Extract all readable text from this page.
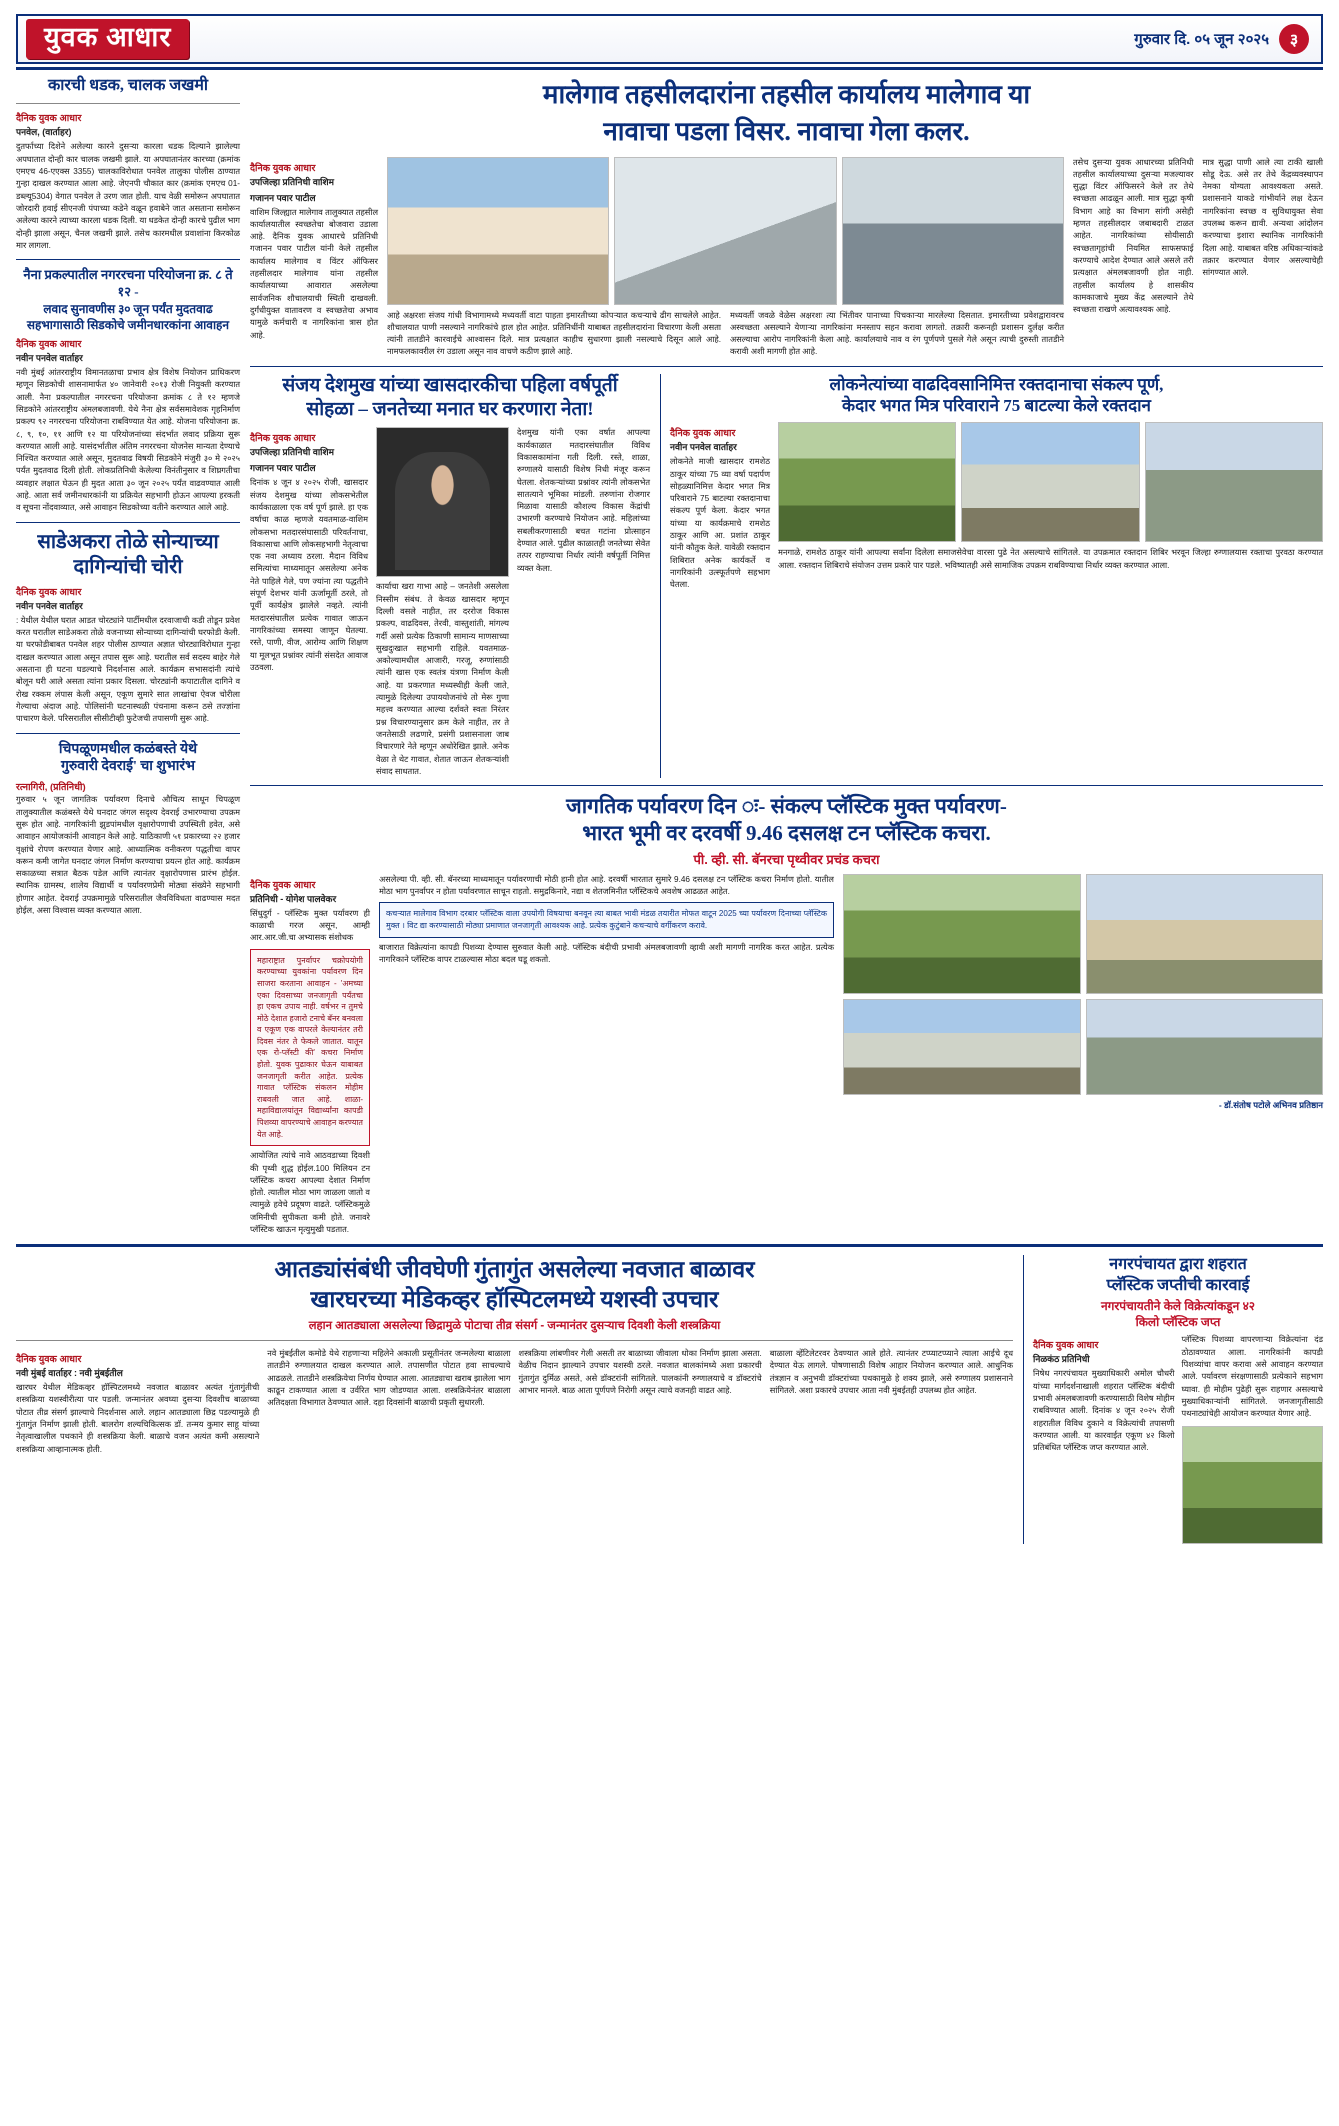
युवक आधार	गुरुवार दि. ०५ जून २०२५	३
कारची धडक, चालक जखमी
दैनिक युवक आधार
पनवेल, (वार्ताहर)
दुतर्फाच्या दिशेने अलेल्या कारने दुसऱ्या कारला धडक दिल्याने झालेल्या अपघातात दोन्ही कार चालक जखमी झाले. या अपघातानंतर कारच्या (क्रमांक एमएच 46-एएक्स 3355) चालकाविरोधात पनवेल तालुका पोलीस ठाण्यात गुन्हा दाखल करण्यात आला आहे. जेएनपी चाैकात कार (क्रमांक एमएच 01-डब्ल्यू5304) वेगात पनवेल ते उरण जात होती. याच वेळी समोरून अपघातात जोरदारी हवाई सीएनजी पंपाच्या कडेने वळून हवाबेने जात असताना समोरून अलेल्या कारने त्याच्या कारला धडक दिली. या धडकेत दोन्ही कारचे पुढील भाग दोन्ही झाला असून, चैनल जखमी झाले. तसेच कारमधील प्रवाशांना किरकोळ मार लागला.
नैना प्रकल्पातील नगररचना परियोजना क्र. ८ ते १२ -
लवाद सुनावणीस ३० जून पर्यंत मुदतवाढ सहभागासाठी सिडकोचे जमीनधारकांना आवाहन
दैनिक युवक आधार
नवीन पनवेल वार्ताहर
नवी मुंबई आंतरराष्ट्रीय विमानतळाचा प्रभाव क्षेत्र विशेष नियोजन प्राधिकरण म्हणून सिडकोची शासनामार्फत ४० जानेवारी २०१३ रोजी नियुक्ती करण्यात आली. नैना प्रकल्पातील नगररचना परियोजना क्रमांक ८ ते १२ म्हणजे सिडकोने आंतरराष्ट्रीय अंमलबजावणी. येथे नैना क्षेत्र सर्वसमावेशक गृहनिर्माण प्रकल्प ९२ नगररचना परियोजना राबविण्यात येत आहे. योजना परियोजना क्र. ८, ९, १०, ११ आणि १२ या परियोजनांच्या संदर्भात लवाद प्रक्रिया सुरू करण्यात आली आहे. यासंदर्भातील अंतिम नगररचना योजनेस मान्यता देण्याचे निश्चित करण्यात आले असून, मुदतवाढ विषयी सिडकोने मंजुरी ३० मे २०२५ पर्यंत मुदतवाढ दिली होती. लोकप्रतिनिधी केलेल्या विनंतीनुसार व शिघ्रगतीचा व्यवहार लक्षात घेऊन ही मुदत आता ३० जून २०२५ पर्यंत वाढवण्यात आली आहे. आता सर्व जमीनधारकांनी या प्रक्रियेत सहभागी होऊन आपल्या हरकती व सूचना नोंदवाव्यात, असे आवाहन सिडकोच्या वतीने करण्यात आले आहे.
साडेअकरा तोळे सोन्याच्या दागिन्यांची चोरी
दैनिक युवक आधार
नवीन पनवेल वार्ताहर
: येथील येथील घरात आडत चोरट्यांने पार्टीमधील दरवाजाची कडी तोडून प्रवेश करत घरातील साडेअकरा तोळे वजनाच्या सोन्याच्या दागिन्यांची घरफोडी केली. या घरफोडीबाबत पनवेल शहर पोलीस ठाण्यात अज्ञात चोरट्याविरोधात गुन्हा दाखल करण्यात आला असून तपास सुरू आहे. घरातील सर्व सदस्य बाहेर गेले असताना ही घटना घडल्याचे निदर्शनास आले. कार्यक्रम सभासदांनी त्यांचे बोलून घरी आले असता त्यांना प्रकार दिसला. चोरट्यांनी कपाटातील दागिने व रोख रक्कम लंपास केली असून, एकूण सुमारे सात लाखांचा ऐवज चोरीला गेल्याचा अंदाज आहे. पोलिसांनी घटनास्थळी पंचनामा करून ठसे तज्ज्ञांना पाचारण केले. परिसरातील सीसीटीव्ही फुटेजची तपासणी सुरू आहे.
चिपळूणमधील कळंबस्ते येथे
गुरुवारी देवराई' चा शुभारंभ
रत्नागिरी, (प्रतिनिधी)
गुरुवार ५ जून जागतिक पर्यावरण दिनाचे औचित्य साधून चिपळूण तालुक्यातील कळंबस्ते येथे घनदाट जंगल सदृश्य देवराई उभारण्याचा उपक्रम सुरू होत आहे. नागरिकांनी झुडपांमधील वृक्षारोपणाची उपस्थिती हवेत, असे आवाहन आयोजकांनी आवाहन केले आहे. याठिकाणी ५१ प्रकारच्या २२ हजार वृक्षांचे रोपण करण्यात येणार आहे. आध्यात्मिक वनीकरण पद्धतीचा वापर करून कमी जागेत घनदाट जंगल निर्माण करण्याचा प्रयत्न होत आहे. कार्यक्रम सकाळच्या सत्रात बैठक पडेल आणि त्यानंतर वृक्षारोपणास प्रारंभ होईल. स्थानिक ग्रामस्थ, शालेय विद्यार्थी व पर्यावरणप्रेमी मोठ्या संख्येने सहभागी होणार आहेत. देवराई उपक्रमामुळे परिसरातील जैवविविधता वाढण्यास मदत होईल, असा विश्वास व्यक्त करण्यात आला.
मालेगाव तहसीलदारांना तहसील कार्यालय मालेगाव या
नावाचा पडला विसर. नावाचा गेला कलर.
दैनिक युवक आधार
उपजिल्हा प्रतिनिधी वाशिम
गजानन पवार पाटील
वाशिम जिल्ह्यात मालेगाव तालुक्यात तहसील कार्यालयातील स्वच्छतेचा बोजवारा उडाला आहे. दैनिक युवक आधारचे प्रतिनिधी गजानन पवार पाटील यांनी केले तहसील कार्यालय मालेगाव व विंटर ऑफिसर तहसीलदार मालेगाव यांना तहसील कार्यालयाच्या आवारात असलेल्या सार्वजनिक शौचालयाची स्थिती दाखवली. दुर्गंधीयुक्त वातावरण व स्वच्छतेचा अभाव यामुळे कर्मचारी व नागरिकांना त्रास होत आहे.
आहे अक्षरशः संजय गांधी विभागामध्ये मध्यवर्ती वाटा पाहता इमारतीच्या कोपऱ्यात कचऱ्याचे ढीग साचलेले आहेत. शौचालयात पाणी नसल्याने नागरिकांचे हाल होत आहेत. प्रतिनिधींनी याबाबत तहसीलदारांना विचारणा केली असता त्यांनी तातडीने कारवाईचे आश्वासन दिले. मात्र प्रत्यक्षात काहीच सुधारणा झाली नसल्याचे दिसून आले आहे. नामफलकावरील रंग उडाला असून नाव वाचणे कठीण झाले आहे.
मध्यवर्ती जवळे वेळेस अक्षरशः त्या भिंतीवर पानाच्या पिचकाऱ्या मारलेल्या दिसतात. इमारतीच्या प्रवेशद्वारावरच अस्वच्छता असल्याने येणाऱ्या नागरिकांना मनस्ताप सहन करावा लागतो. तक्रारी करूनही प्रशासन दुर्लक्ष करीत असल्याचा आरोप नागरिकांनी केला आहे. कार्यालयाचे नाव व रंग पूर्णपणे पुसले गेले असून त्याची दुरुस्ती तातडीने करावी अशी मागणी होत आहे.
तसेच दुसऱ्या युवक आधारच्या प्रतिनिधी तहसील कार्यालयाच्या दुसऱ्या मजल्यावर सुद्धा विंटर ऑफिसरने केले तर तेथे स्वच्छता आढळून आली. मात्र सुद्धा कृषी विभाग आहे का विभाग सांगी असेही म्हणत तहसीलदार जबाबदारी टाळत आहेत. नागरिकांच्या सोयीसाठी स्वच्छतागृहांची नियमित साफसफाई करण्याचे आदेश देण्यात आले असले तरी प्रत्यक्षात अंमलबजावणी होत नाही. तहसील कार्यालय हे शासकीय कामकाजाचे मुख्य केंद्र असल्याने तेथे स्वच्छता राखणे अत्यावश्यक आहे.
मात्र सुद्धा पाणी आले त्या टाकी खाली सोडू देऊ. असे तर तेथे केंद्रव्यवस्थापन नेमका योग्यता आवश्यकता असते. प्रशासनाने याकडे गांभीर्याने लक्ष देऊन नागरिकांना स्वच्छ व सुविधायुक्त सेवा उपलब्ध करून द्यावी. अन्यथा आंदोलन करण्याचा इशारा स्थानिक नागरिकांनी दिला आहे. याबाबत वरिष्ठ अधिकाऱ्यांकडे तक्रार करण्यात येणार असल्याचेही सांगण्यात आले.
संजय देशमुख यांच्या खासदारकीचा पहिला वर्षपूर्ती
सोहळा – जनतेच्या मनात घर करणारा नेता!
दैनिक युवक आधार
उपजिल्हा प्रतिनिधी वाशिम
गजानन पवार पाटील
दिनांक ४ जून ४ २०२५ रोजी, खासदार संजय देशमुख यांच्या लोकसभेतील कार्यकाळाला एक वर्ष पूर्ण झाले. हा एक वर्षाचा काळ म्हणजे यवतमाळ-वाशिम लोकसभा मतदारसंघासाठी परिवर्तनाचा, विकासाचा आणि लोकसहभागी नेतृत्वाचा एक नवा अध्याय ठरला. मैदान विविध समित्यांचा माध्यमातून असलेल्या अनेक नेते पाहिले गेले, पण ज्यांना त्या पद्धतीने संपूर्ण देशभर यांनी ऊर्जामूर्ती ठरले, तो पूर्वी कार्यक्षेत्र झालेले नव्हते. त्यांनी मतदारसंघातील प्रत्येक गावात जाऊन नागरिकांच्या समस्या जाणून घेतल्या. रस्ते, पाणी, वीज, आरोग्य आणि शिक्षण या मूलभूत प्रश्नांवर त्यांनी संसदेत आवाज उठवला.
कार्याचा खरा गाभा आहे – जनतेशी असलेला निस्सीम संबंध. ते केवळ खासदार म्हणून दिल्ली वसले नाहीत, तर दररोज विकास प्रकल्प, वाढदिवस, तेरवी, वास्तुशांती, मांगल्य गर्दी असो प्रत्येक ठिकाणी सामान्य माणसाच्या सुखदुःखात सहभागी राहिले. यवतमाळ-अकोल्यामधील आजारी, गरजू, रुग्णांसाठी त्यांनी खास एक स्वतंत्र यंत्रणा निर्माण केली आहे. या प्रकरणात मध्यस्थीही केली जाते, त्यामुळे दिलेल्या उपाययोजनांचे तो मेरू गुणा महत्त्व करण्यात आल्या दर्शवते स्वतः निरंतर प्रश्न विचारण्यानुसार क्रम केले नाहीत, तर ते जनतेसाठी लढणारे, प्रसंगी प्रशासनाला जाब विचारणारे नेते म्हणून अधोरेखित झाले. अनेक वेळा ते थेट गावात, शेतात जाऊन शेतकऱ्यांशी संवाद साधतात.
देशमुख यांनी एका वर्षात आपल्या कार्यकाळात मतदारसंघातील विविध विकासकामांना गती दिली. रस्ते, शाळा, रुग्णालये यासाठी विशेष निधी मंजूर करून घेतला. शेतकऱ्यांच्या प्रश्नांवर त्यांनी लोकसभेत सातत्याने भूमिका मांडली. तरुणांना रोजगार मिळावा यासाठी कौशल्य विकास केंद्रांची उभारणी करण्याचे नियोजन आहे. महिलांच्या सबलीकरणासाठी बचत गटांना प्रोत्साहन देण्यात आले. पुढील काळातही जनतेच्या सेवेत तत्पर राहण्याचा निर्धार त्यांनी वर्षपूर्ती निमित्त व्यक्त केला.
लोकनेत्यांच्या वाढदिवसानिमित्त रक्तदानाचा संकल्प पूर्ण,
केदार भगत मित्र परिवाराने 75 बाटल्या केले रक्तदान
दैनिक युवक आधार
नवीन पनवेल वार्ताहर
लोकनेते माजी खासदार रामशेठ ठाकूर यांच्या 75 व्या वर्षा पदार्पण सोहळ्यानिमित्त केदार भगत मित्र परिवाराने 75 बाटल्या रक्तदानाचा संकल्प पूर्ण केला. केदार भगत यांच्या या कार्यक्रमाचे रामशेठ ठाकूर आणि आ. प्रशांत ठाकूर यांनी कौतुक केले. यावेळी रक्तदान शिबिरात अनेक कार्यकर्ते व नागरिकांनी उत्स्फूर्तपणे सहभाग घेतला.
मनगाळे, रामशेठ ठाकूर यांनी आपल्या सर्वांना दिलेला समाजसेवेचा वारसा पुढे नेत असल्याचे सांगितले. या उपक्रमात रक्तदान शिबिर भरवून जिल्हा रुग्णालयास रक्ताचा पुरवठा करण्यात आला. रक्तदान शिबिराचे संयोजन उत्तम प्रकारे पार पडले. भविष्यातही असे सामाजिक उपक्रम राबविण्याचा निर्धार व्यक्त करण्यात आला.
जागतिक पर्यावरण दिन ः- संकल्प प्लॅस्टिक मुक्त पर्यावरण-
भारत भूमी वर दरवर्षी 9.46 दसलक्ष टन प्लॅस्टिक कचरा.
पी. व्ही. सी. बॅनरचा पृथ्वीवर प्रचंड कचरा
दैनिक युवक आधार
प्रतिनिधी - योगेश पालवेकर
सिंधुदुर्ग - प्लॅस्टिक मुक्त पर्यावरण ही काळाची गरज असून, आम्ही आर.आर.जी.चा अभ्यासक संशोधक
महाराष्ट्रात पुनर्वापर चक्रोपयोगी करण्याच्या युवकांना पर्यावरण दिन साजरा करताना आवाहन - 'अमच्या एका दिवसाच्या जनजागृती पर्यंतचा हा एकच उपाय नाही. वर्षभर न तुमचे मोठे देशात हजारो टनाचे बॅनर बनवला व एकूण एक वापरले केल्यानंतर तरी दिवस नंतर ते फेकले जातात. यातून एक रो-प्लॅस्टी की' कचरा निर्माण होतो. युवक पुढाकार घेऊन याबाबत जनजागृती करीत आहेत. प्रत्येक गावात प्लॅस्टिक संकलन मोहीम राबवली जात आहे. शाळा-महाविद्यालयांतून विद्यार्थ्यांना कापडी पिशव्या वापरण्याचे आवाहन करण्यात येत आहे.
आयोजित त्यांचे नावे आठवडाच्या दिवशी की पृथ्वी शुद्ध होईल.100 मिलियन टन प्लॅस्टिक कचरा आपल्या देशात निर्माण होतो. त्यातील मोठा भाग जाळला जातो व त्यामुळे हवेचे प्रदूषण वाढते. प्लॅस्टिकमुळे जमिनीची सुपीकता कमी होते. जनावरे प्लॅस्टिक खाऊन मृत्युमुखी पडतात.
असलेल्या पी. व्ही. सी. बॅनरच्या माध्यमातून पर्यावरणाची मोठी हानी होत आहे. दरवर्षी भारतात सुमारे 9.46 दसलक्ष टन प्लॅस्टिक कचरा निर्माण होतो. यातील मोठा भाग पुनर्वापर न होता पर्यावरणात साचून राहतो. समुद्रकिनारे, नद्या व शेतजमिनीत प्लॅस्टिकचे अवशेष आढळत आहेत.
कचऱ्यात मालेगाव विभाग दरबार प्लॅस्टिक वाला उपयोगी विषयाचा बनवून त्या बाबत भावी मंडळ तयारीत मोफत वाटून 2025 च्या पर्यावरण दिनाच्या प्लॅस्टिक मुक्त । विट द्या करण्यासाठी मोठ्या प्रमाणात जनजागृती आवश्यक आहे. प्रत्येक कुटुंबाने कचऱ्याचे वर्गीकरण करावे.
बाजारात विक्रेत्यांना कापडी पिशव्या देण्यास सुरुवात केली आहे. प्लॅस्टिक बंदीची प्रभावी अंमलबजावणी व्हावी अशी मागणी नागरिक करत आहेत. प्रत्येक नागरिकाने प्लॅस्टिक वापर टाळल्यास मोठा बदल घडू शकतो.
- डॉ.संतोष पटोले अभिनव प्रतिष्ठान
आतड्यांसंबंधी जीवघेणी गुंतागुंत असलेल्या नवजात बाळावर
खारघरच्या मेडिकव्हर हॉस्पिटलमध्ये यशस्वी उपचार
लहान आतड्याला असलेल्या छिद्रामुळे पोटाचा तीव्र संसर्ग - जन्मानंतर दुसऱ्याच दिवशी केली शस्त्रक्रिया
दैनिक युवक आधार
नवी मुंबई वार्ताहर : नवी मुंबईतील
खारघर येथील मेडिकव्हर हॉस्पिटलमध्ये नवजात बाळावर अत्यंत गुंतागुंतीची शस्त्रक्रिया यशस्वीरीत्या पार पडली. जन्मानंतर अवघ्या दुसऱ्या दिवशीच बाळाच्या पोटात तीव्र संसर्ग झाल्याचे निदर्शनास आले. लहान आतड्याला छिद्र पडल्यामुळे ही गुंतागुंत निर्माण झाली होती. बालरोग शल्यचिकित्सक डॉ. तन्मय कुमार साहू यांच्या नेतृत्वाखालील पथकाने ही शस्त्रक्रिया केली. बाळाचे वजन अत्यंत कमी असल्याने शस्त्रक्रिया आव्हानात्मक होती.
नवे मुंबईतील कमाेडे येथे राहणाऱ्या महिलेने अकाली प्रसूतीनंतर जन्मलेल्या बाळाला तातडीने रुग्णालयात दाखल करण्यात आले. तपासणीत पोटात हवा साचल्याचे आढळले. तातडीने शस्त्रक्रियेचा निर्णय घेण्यात आला. आतड्याचा खराब झालेला भाग काढून टाकण्यात आला व उर्वरित भाग जोडण्यात आला. शस्त्रक्रियेनंतर बाळाला अतिदक्षता विभागात ठेवण्यात आले. दहा दिवसांनी बाळाची प्रकृती सुधारली.
शस्त्रक्रिया लांबणीवर गेली असती तर बाळाच्या जीवाला धोका निर्माण झाला असता. वेळीच निदान झाल्याने उपचार यशस्वी ठरले. नवजात बालकांमध्ये अशा प्रकारची गुंतागुंत दुर्मिळ असते, असे डॉक्टरांनी सांगितले. पालकांनी रुग्णालयाचे व डॉक्टरांचे आभार मानले. बाळ आता पूर्णपणे निरोगी असून त्याचे वजनही वाढत आहे.
बाळाला व्हेंटिलेटरवर ठेवण्यात आले होते. त्यानंतर टप्प्याटप्प्याने त्याला आईचे दूध देण्यात येऊ लागले. पोषणासाठी विशेष आहार नियोजन करण्यात आले. आधुनिक तंत्रज्ञान व अनुभवी डॉक्टरांच्या पथकामुळे हे शक्य झाले, असे रुग्णालय प्रशासनाने सांगितले. अशा प्रकारचे उपचार आता नवी मुंबईतही उपलब्ध होत आहेत.
नगरपंचायत द्वारा शहरात
प्लॅस्टिक जप्तीची कारवाई
नगरपंचायतीने केले विक्रेत्यांकडून ४२
किलो प्लॅस्टिक जप्त
दैनिक युवक आधार
निळकंठ प्रतिनिधी
निषेध नगरपंचायत मुख्याधिकारी अमोल चौधरी यांच्या मार्गदर्शनाखाली शहरात प्लॅस्टिक बंदीची प्रभावी अंमलबजावणी करण्यासाठी विशेष मोहीम राबविण्यात आली. दिनांक ४ जून २०२५ रोजी शहरातील विविध दुकाने व विक्रेत्यांची तपासणी करण्यात आली. या कारवाईत एकूण ४२ किलो प्रतिबंधित प्लॅस्टिक जप्त करण्यात आले.
प्लॅस्टिक पिशव्या वापरणाऱ्या विक्रेत्यांना दंड ठोठावण्यात आला. नागरिकांनी कापडी पिशव्यांचा वापर करावा असे आवाहन करण्यात आले. पर्यावरण संरक्षणासाठी प्रत्येकाने सहभाग घ्यावा. ही मोहीम पुढेही सुरू राहणार असल्याचे मुख्याधिकाऱ्यांनी सांगितले. जनजागृतीसाठी पथनाट्यांचेही आयोजन करण्यात येणार आहे.
